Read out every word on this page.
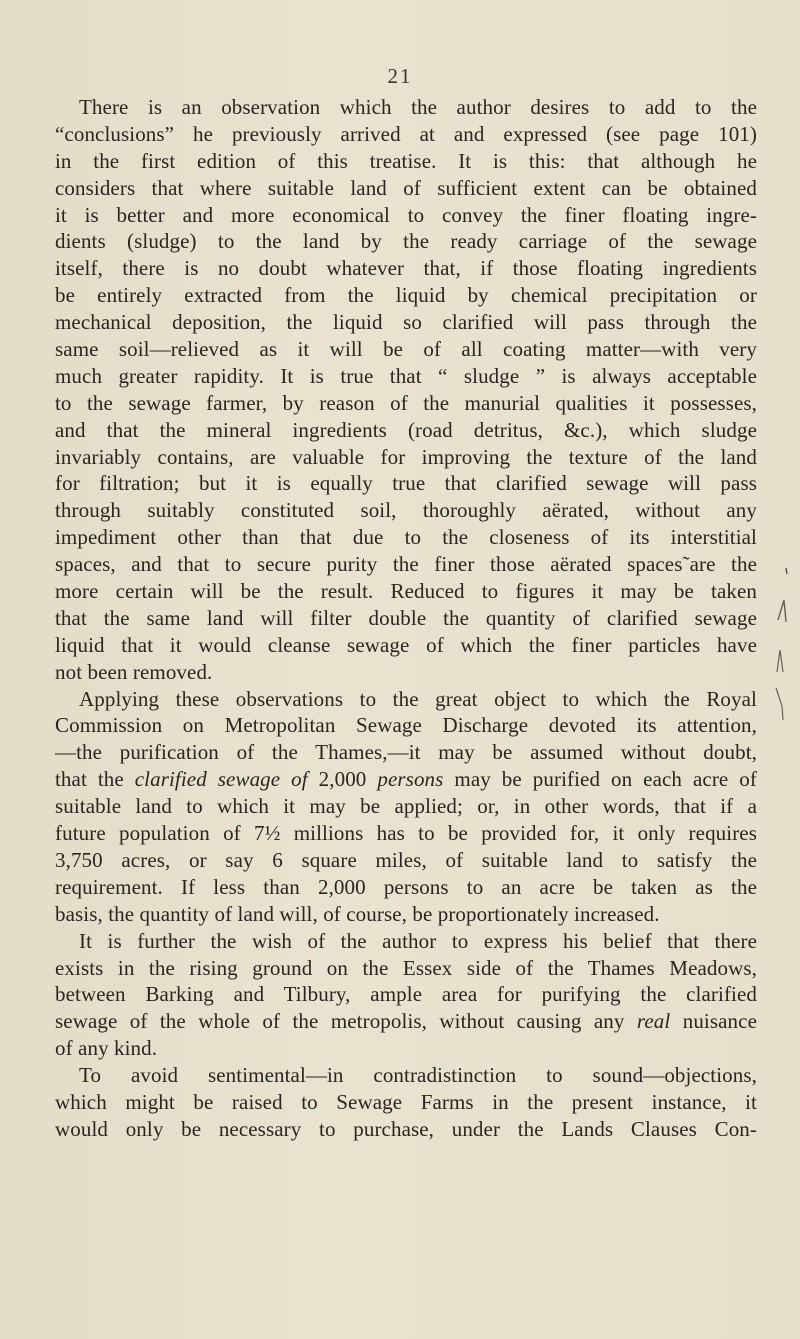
21
There is an observation which the author desires to add to the
“conclusions” he previously arrived at and expressed (see page 101)
in the first edition of this treatise. It is this: that although he
considers that where suitable land of sufficient extent can be obtained
it is better and more economical to convey the finer floating ingre-
dients (sludge) to the land by the ready carriage of the sewage
itself, there is no doubt whatever that, if those floating ingredients
be entirely extracted from the liquid by chemical precipitation or
mechanical deposition, the liquid so clarified will pass through the
same soil—relieved as it will be of all coating matter—with very
much greater rapidity. It is true that “ sludge ” is always acceptable
to the sewage farmer, by reason of the manurial qualities it possesses,
and that the mineral ingredients (road detritus, &c.), which sludge
invariably contains, are valuable for improving the texture of the land
for filtration; but it is equally true that clarified sewage will pass
through suitably constituted soil, thoroughly aërated, without any
impediment other than that due to the closeness of its interstitial
spaces, and that to secure purity the finer those aërated spaces˜are the
more certain will be the result. Reduced to figures it may be taken
that the same land will filter double the quantity of clarified sewage
liquid that it would cleanse sewage of which the finer particles have
not been removed.
Applying these observations to the great object to which the Royal
Commission on Metropolitan Sewage Discharge devoted its attention,
—the purification of the Thames,—it may be assumed without doubt,
that the clarified sewage of 2,000 persons may be purified on each acre of
suitable land to which it may be applied; or, in other words, that if a
future population of 7½ millions has to be provided for, it only requires
3,750 acres, or say 6 square miles, of suitable land to satisfy the
requirement. If less than 2,000 persons to an acre be taken as the
basis, the quantity of land will, of course, be proportionately increased.
It is further the wish of the author to express his belief that there
exists in the rising ground on the Essex side of the Thames Meadows,
between Barking and Tilbury, ample area for purifying the clarified
sewage of the whole of the metropolis, without causing any real nuisance
of any kind.
To avoid sentimental—in contradistinction to sound—objections,
which might be raised to Sewage Farms in the present instance, it
would only be necessary to purchase, under the Lands Clauses Con-
